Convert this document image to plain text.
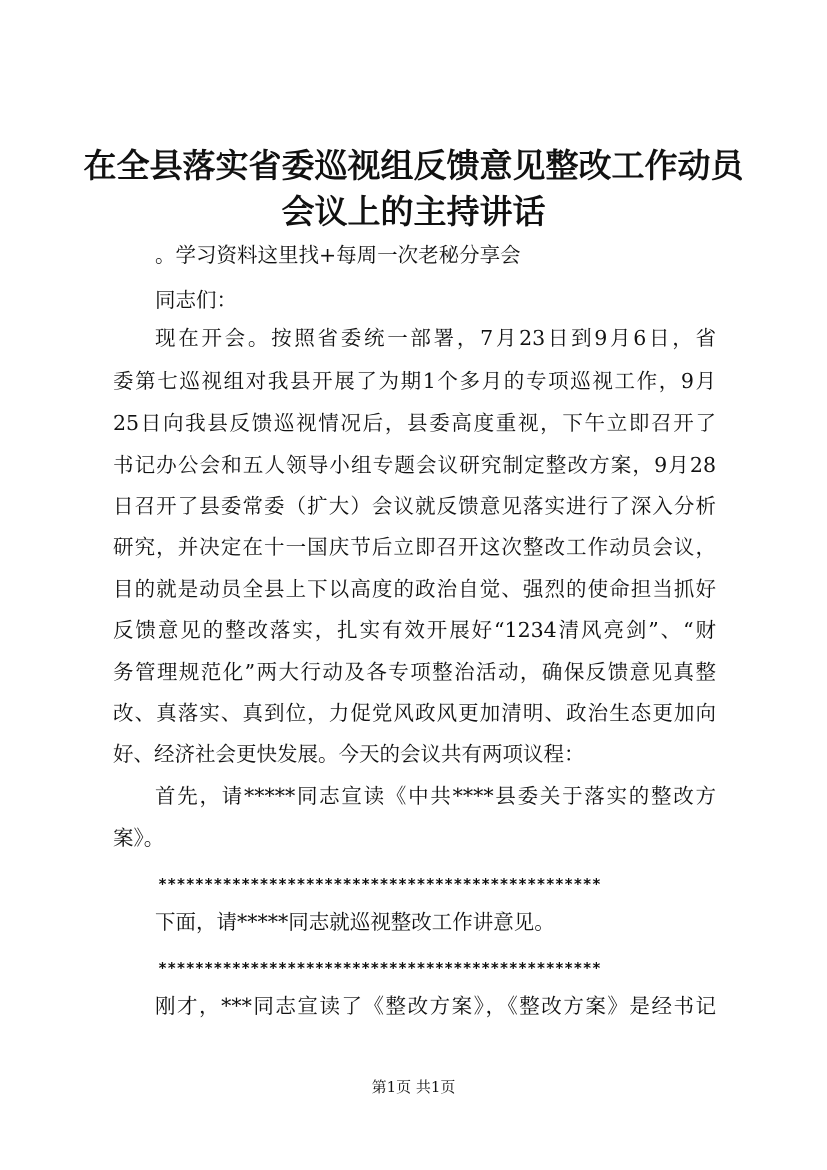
在全县落实省委巡视组反馈意见整改工作动员
会议上的主持讲话
。学习资料这里找+每周一次老秘分享会
同志们：
现在开会。按照省委统一部署，7月23日到9月6日，省
委第七巡视组对我县开展了为期1个多月的专项巡视工作，9月
25日向我县反馈巡视情况后，县委高度重视，下午立即召开了
书记办公会和五人领导小组专题会议研究制定整改方案，9月28
日召开了县委常委（扩大）会议就反馈意见落实进行了深入分析
研究，并决定在十一国庆节后立即召开这次整改工作动员会议，
目的就是动员全县上下以高度的政治自觉、强烈的使命担当抓好
反馈意见的整改落实，扎实有效开展好“1234清风亮剑”、“财
务管理规范化”两大行动及各专项整治活动，确保反馈意见真整
改、真落实、真到位，力促党风政风更加清明、政治生态更加向
好、经济社会更快发展。今天的会议共有两项议程：
首先，请*****同志宣读《中共****县委关于落实的整改方
案》。
************************************************
下面，请*****同志就巡视整改工作讲意见。
************************************************
刚才，***同志宣读了《整改方案》，《整改方案》是经书记
第1页 共1页
